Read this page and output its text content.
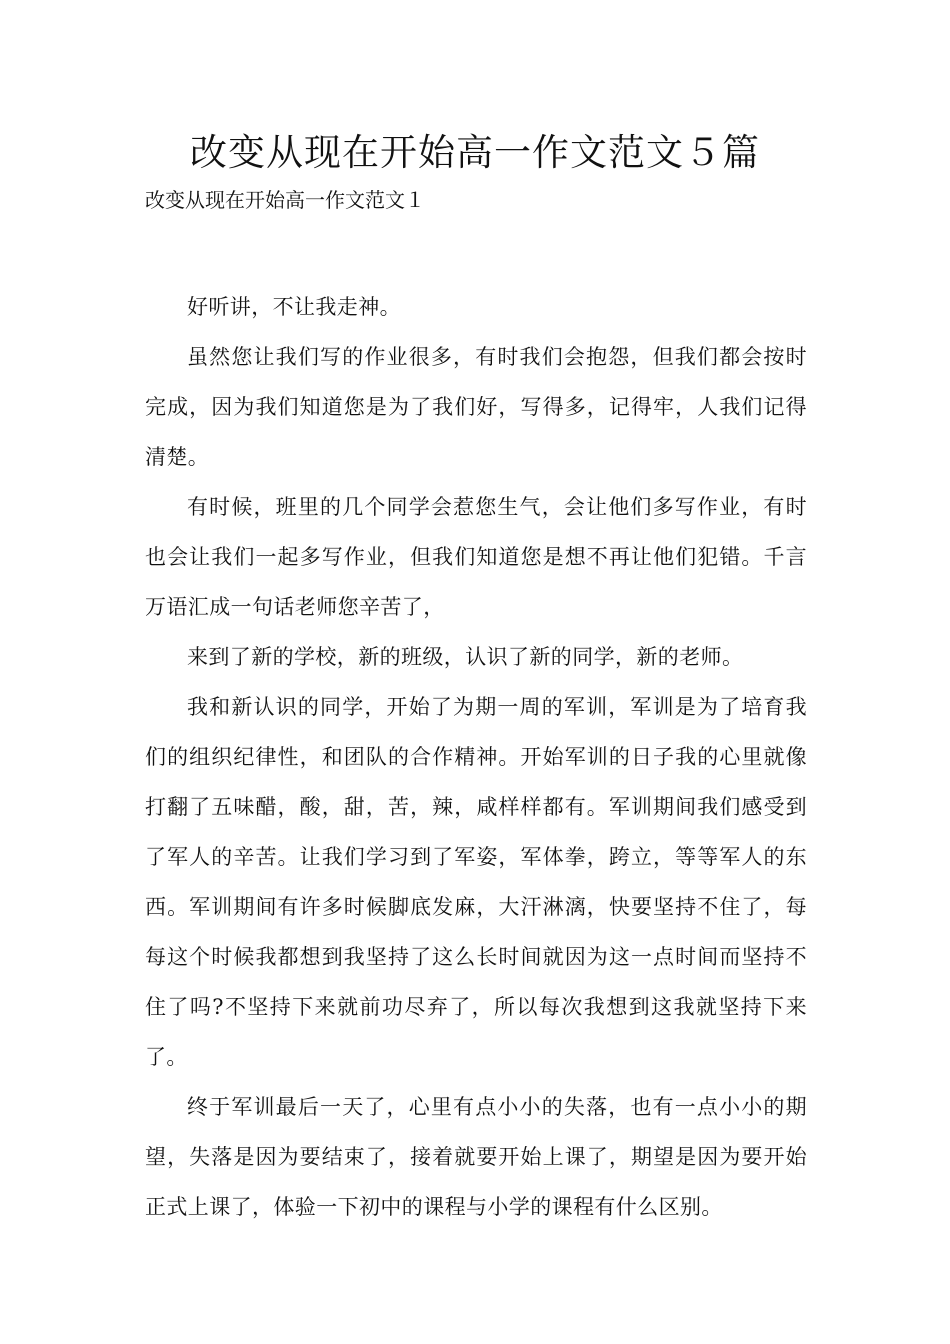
改变从现在开始高一作文范文５篇
改变从现在开始高一作文范文１

好听讲，不让我走神。

虽然您让我们写的作业很多，有时我们会抱怨，但我们都会按时完成，因为我们知道您是为了我们好，写得多，记得牢，人我们记得清楚。

有时候，班里的几个同学会惹您生气，会让他们多写作业，有时也会让我们一起多写作业，但我们知道您是想不再让他们犯错。千言万语汇成一句话老师您辛苦了，

来到了新的学校，新的班级，认识了新的同学，新的老师。

我和新认识的同学，开始了为期一周的军训，军训是为了培育我们的组织纪律性，和团队的合作精神。开始军训的日子我的心里就像打翻了五味醋，酸，甜，苦，辣，咸样样都有。军训期间我们感受到了军人的辛苦。让我们学习到了军姿，军体拳，跨立，等等军人的东西。军训期间有许多时候脚底发麻，大汗淋漓，快要坚持不住了，每每这个时候我都想到我坚持了这么长时间就因为这一点时间而坚持不住了吗?不坚持下来就前功尽弃了，所以每次我想到这我就坚持下来了。

终于军训最后一天了，心里有点小小的失落，也有一点小小的期望，失落是因为要结束了，接着就要开始上课了，期望是因为要开始正式上课了，体验一下初中的课程与小学的课程有什么区别。
